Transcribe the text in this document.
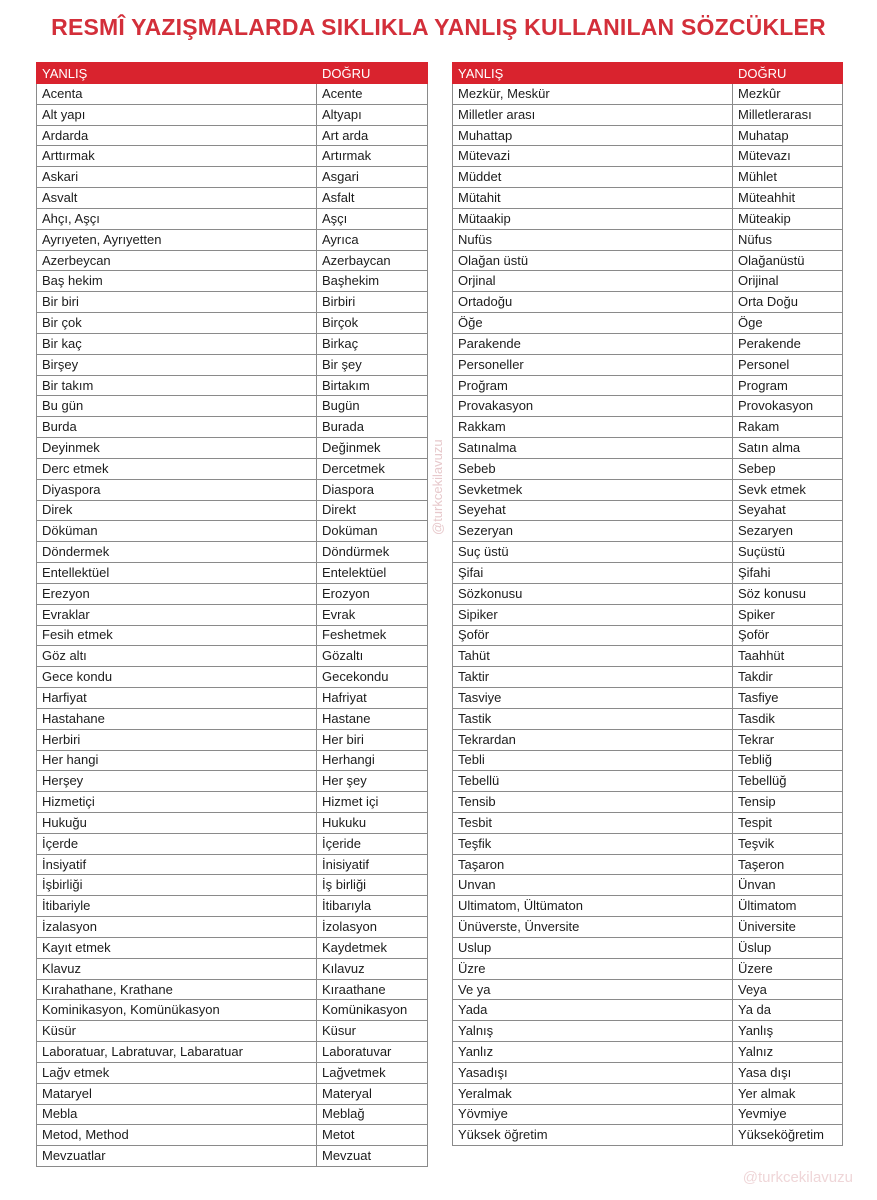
RESMÎ YAZIŞMALARDA SIKLIKLA YANLIŞ KULLANILAN SÖZCÜKLER
YANLIŞ	DOĞRU
Acenta	Acente
Alt yapı	Altyapı
Ardarda	Art arda
Arttırmak	Artırmak
Askari	Asgari
Asvalt	Asfalt
Ahçı, Aşçı	Aşçı
Ayrıyeten, Ayrıyetten	Ayrıca
Azerbeycan	Azerbaycan
Baş hekim	Başhekim
Bir biri	Birbiri
Bir çok	Birçok
Bir kaç	Birkaç
Birşey	Bir şey
Bir takım	Birtakım
Bu gün	Bugün
Burda	Burada
Deyinmek	Değinmek
Derc etmek	Dercetmek
Diyaspora	Diaspora
Direk	Direkt
Döküman	Doküman
Döndermek	Döndürmek
Entellektüel	Entelektüel
Erezyon	Erozyon
Evraklar	Evrak
Fesih etmek	Feshetmek
Göz altı	Gözaltı
Gece kondu	Gecekondu
Harfiyat	Hafriyat
Hastahane	Hastane
Herbiri	Her biri
Her hangi	Herhangi
Herşey	Her şey
Hizmetiçi	Hizmet içi
Hukuğu	Hukuku
İçerde	İçeride
İnsiyatif	İnisiyatif
İşbirliği	İş birliği
İtibariyle	İtibarıyla
İzalasyon	İzolasyon
Kayıt etmek	Kaydetmek
Klavuz	Kılavuz
Kırahathane, Krathane	Kıraathane
Kominikasyon, Komünükasyon	Komünikasyon
Küsür	Küsur
Laboratuar, Labratuvar, Labaratuar	Laboratuvar
Lağv etmek	Lağvetmek
Mataryel	Materyal
Mebla	Meblağ
Metod, Method	Metot
Mevzuatlar	Mevzuat
YANLIŞ	DOĞRU
Mezkür, Meskür	Mezkûr
Milletler arası	Milletlerarası
Muhattap	Muhatap
Mütevazi	Mütevazı
Müddet	Mühlet
Mütahit	Müteahhit
Mütaakip	Müteakip
Nufüs	Nüfus
Olağan üstü	Olağanüstü
Orjinal	Orijinal
Ortadoğu	Orta Doğu
Öğe	Öge
Parakende	Perakende
Personeller	Personel
Proğram	Program
Provakasyon	Provokasyon
Rakkam	Rakam
Satınalma	Satın alma
Sebeb	Sebep
Sevketmek	Sevk etmek
Seyehat	Seyahat
Sezeryan	Sezaryen
Suç üstü	Suçüstü
Şifai	Şifahi
Sözkonusu	Söz konusu
Sipiker	Spiker
Şoför	Şoför
Tahüt	Taahhüt
Taktir	Takdir
Tasviye	Tasfiye
Tastik	Tasdik
Tekrardan	Tekrar
Tebli	Tebliğ
Tebellü	Tebellüğ
Tensib	Tensip
Tesbit	Tespit
Teşfik	Teşvik
Taşaron	Taşeron
Unvan	Ünvan
Ultimatom, Ültümaton	Ültimatom
Ünüverste, Ünversite	Üniversite
Uslup	Üslup
Üzre	Üzere
Ve ya	Veya
Yada	Ya da
Yalnış	Yanlış
Yanlız	Yalnız
Yasadışı	Yasa dışı
Yeralmak	Yer almak
Yövmiye	Yevmiye
Yüksek öğretim	Yükseköğretim
@turkcekilavuzu
@turkcekilavuzu
